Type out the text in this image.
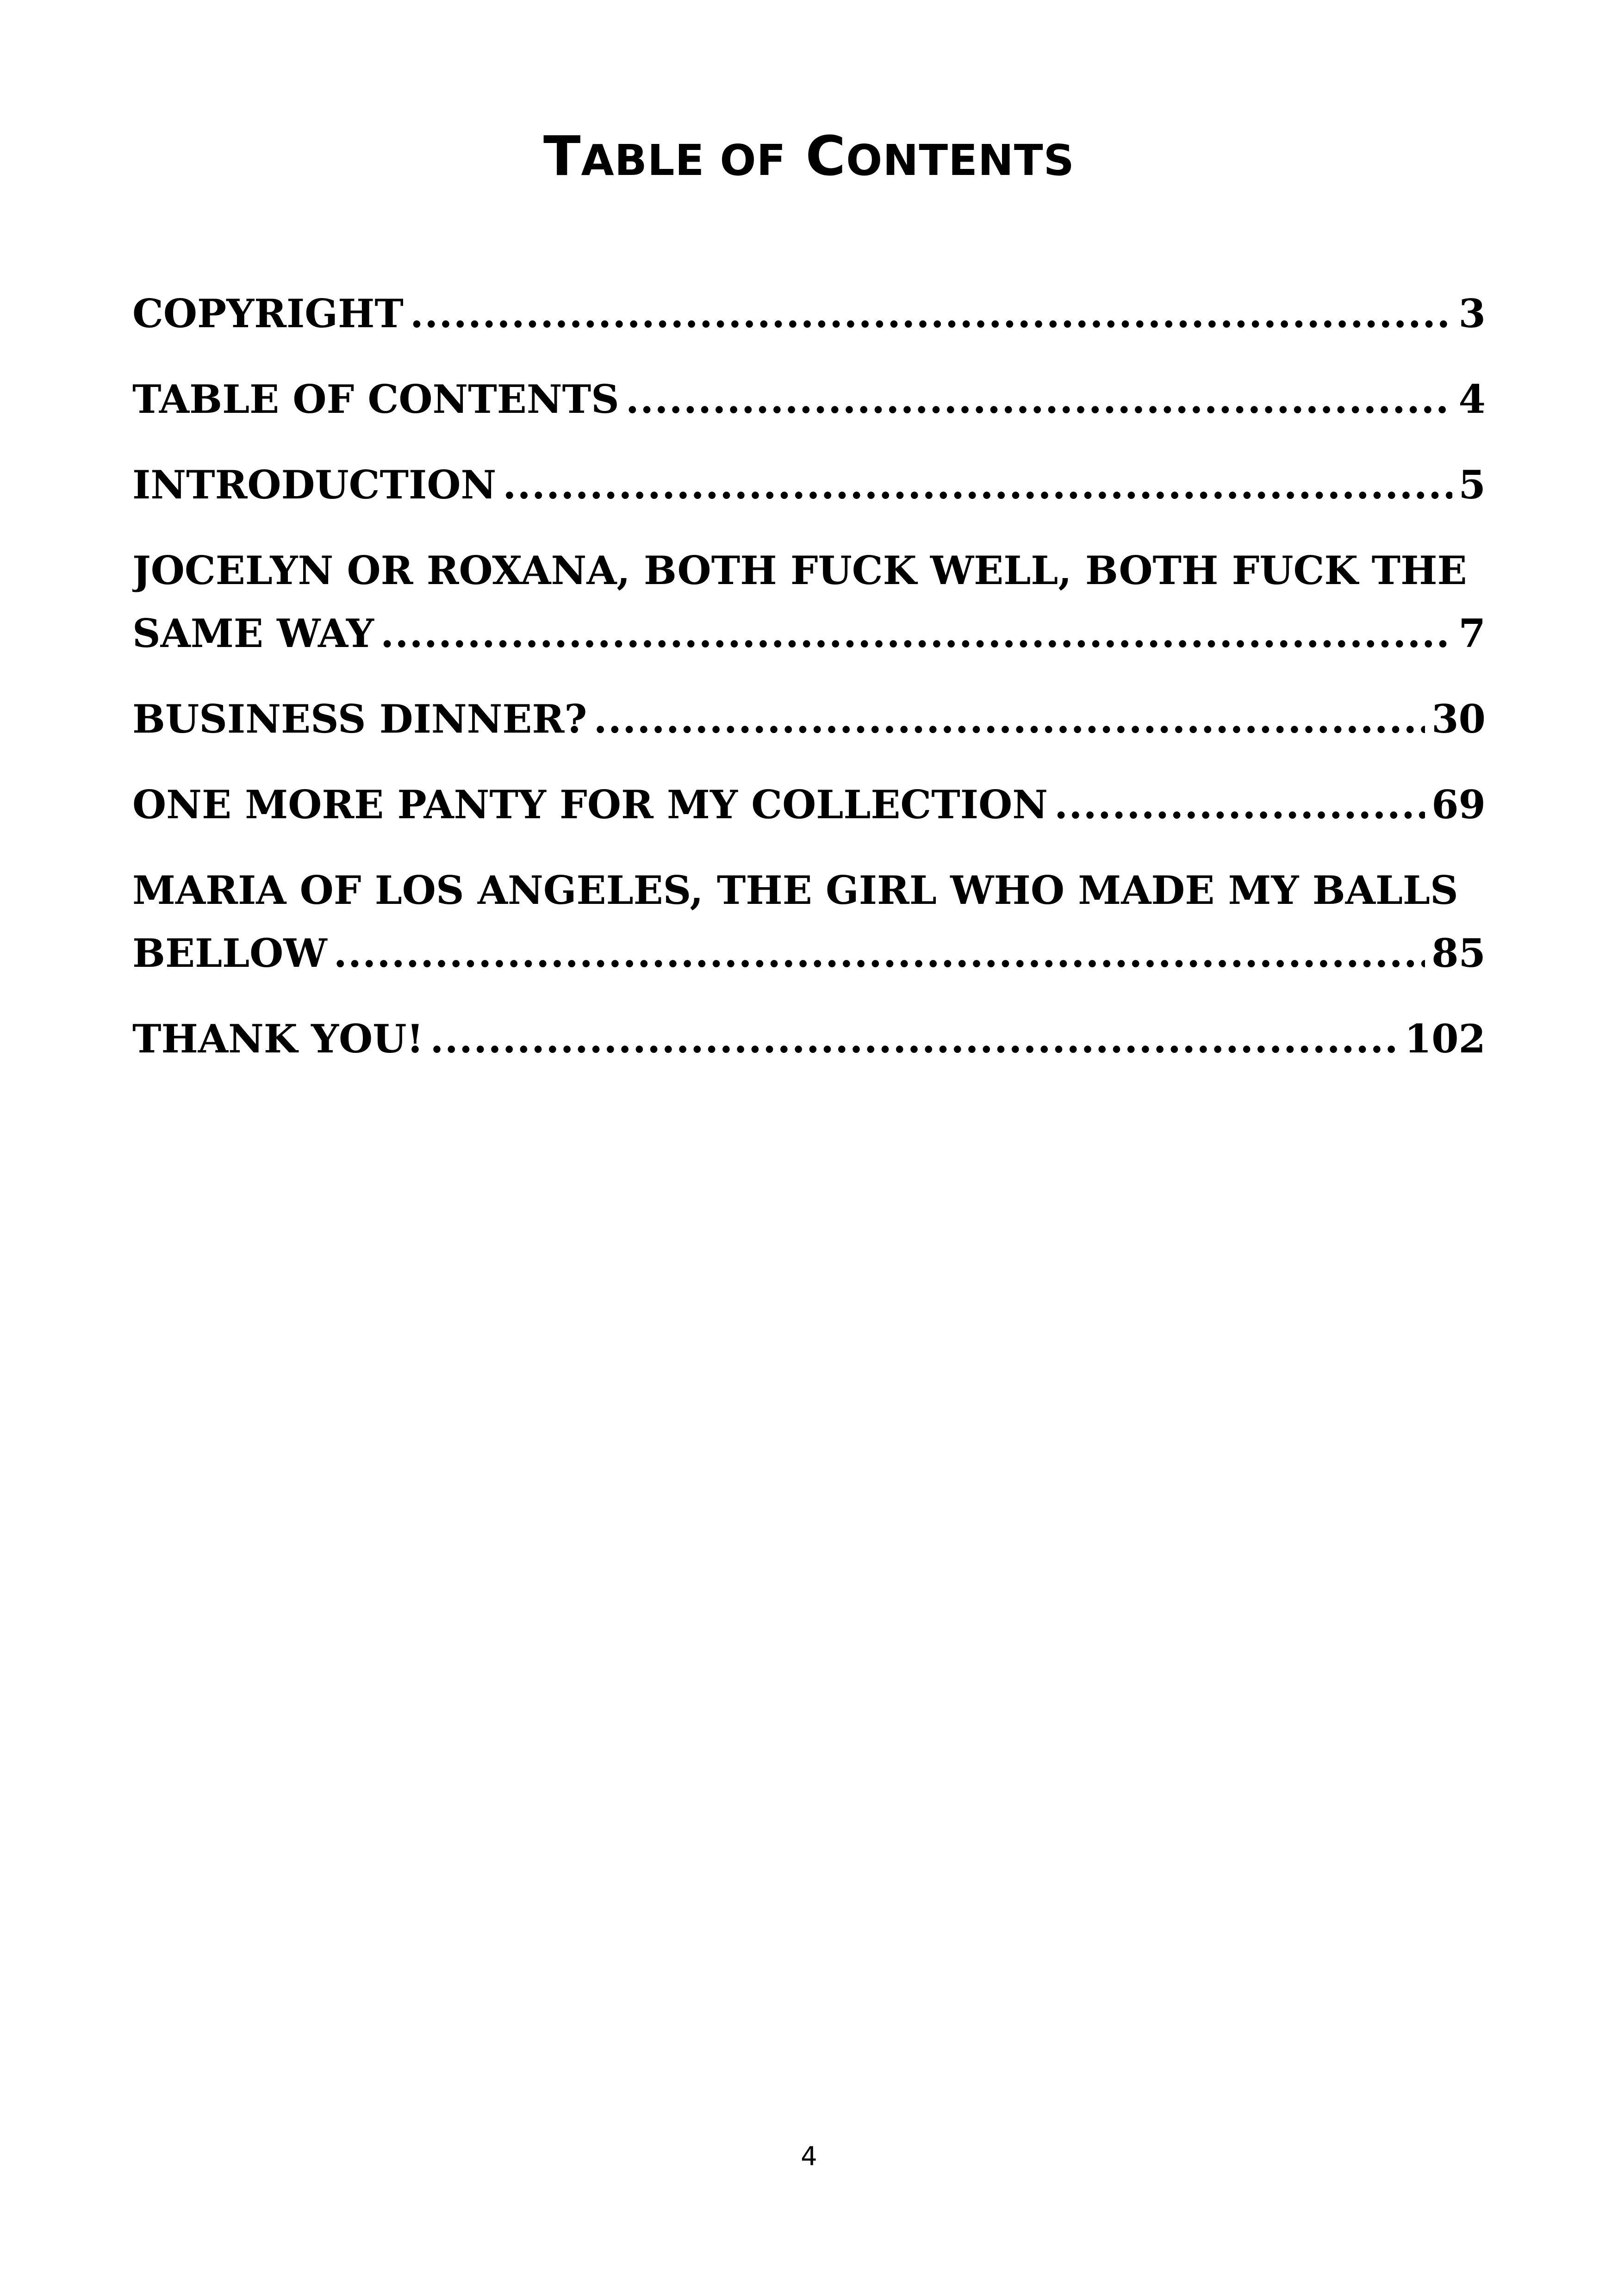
TABLE OF CONTENTS
COPYRIGHT .....	3
TABLE OF CONTENTS .....	4
INTRODUCTION .....	5
JOCELYN OR ROXANA, BOTH FUCK WELL, BOTH FUCK THE
SAME WAY .....	7
BUSINESS DINNER? .....	30
ONE MORE PANTY FOR MY COLLECTION .....	69
MARIA OF LOS ANGELES, THE GIRL WHO MADE MY BALLS
BELLOW .....	85
THANK YOU! .....	102
4
